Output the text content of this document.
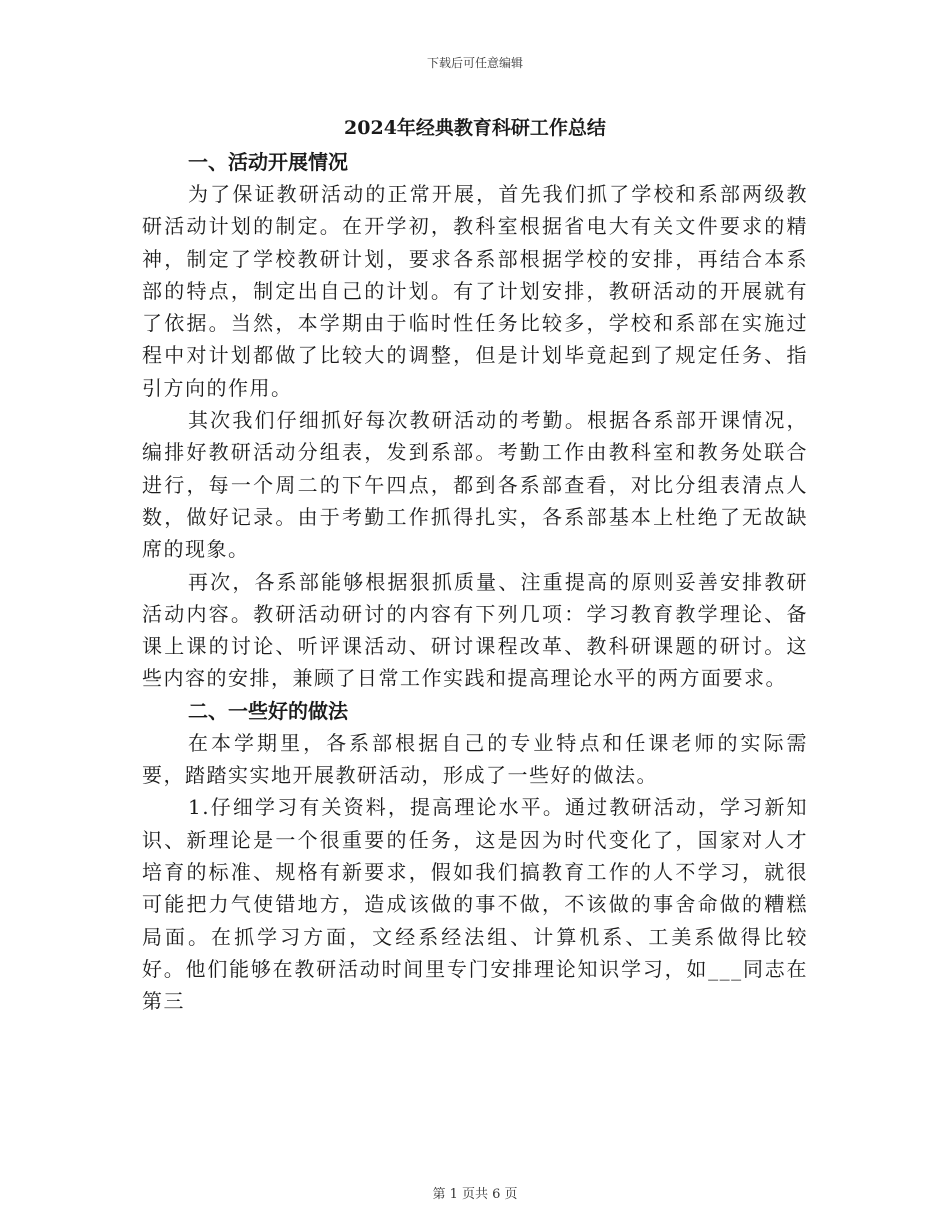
下载后可任意编辑
2024年经典教育科研工作总结
一、活动开展情况

为了保证教研活动的正常开展，首先我们抓了学校和系部两级教研活动计划的制定。在开学初，教科室根据省电大有关文件要求的精神，制定了学校教研计划，要求各系部根据学校的安排，再结合本系部的特点，制定出自己的计划。有了计划安排，教研活动的开展就有了依据。当然，本学期由于临时性任务比较多，学校和系部在实施过程中对计划都做了比较大的调整，但是计划毕竟起到了规定任务、指引方向的作用。

其次我们仔细抓好每次教研活动的考勤。根据各系部开课情况，编排好教研活动分组表，发到系部。考勤工作由教科室和教务处联合进行，每一个周二的下午四点，都到各系部查看，对比分组表清点人数，做好记录。由于考勤工作抓得扎实，各系部基本上杜绝了无故缺席的现象。

再次，各系部能够根据狠抓质量、注重提高的原则妥善安排教研活动内容。教研活动研讨的内容有下列几项：学习教育教学理论、备课上课的讨论、听评课活动、研讨课程改革、教科研课题的研讨。这些内容的安排，兼顾了日常工作实践和提高理论水平的两方面要求。

二、一些好的做法

在本学期里，各系部根据自己的专业特点和任课老师的实际需要，踏踏实实地开展教研活动，形成了一些好的做法。

1.仔细学习有关资料，提高理论水平。通过教研活动，学习新知识、新理论是一个很重要的任务，这是因为时代变化了，国家对人才培育的标准、规格有新要求，假如我们搞教育工作的人不学习，就很可能把力气使错地方，造成该做的事不做，不该做的事舍命做的糟糕局面。在抓学习方面，文经系经法组、计算机系、工美系做得比较好。他们能够在教研活动时间里专门安排理论知识学习，如___同志在第三

第 1 页共 6 页
